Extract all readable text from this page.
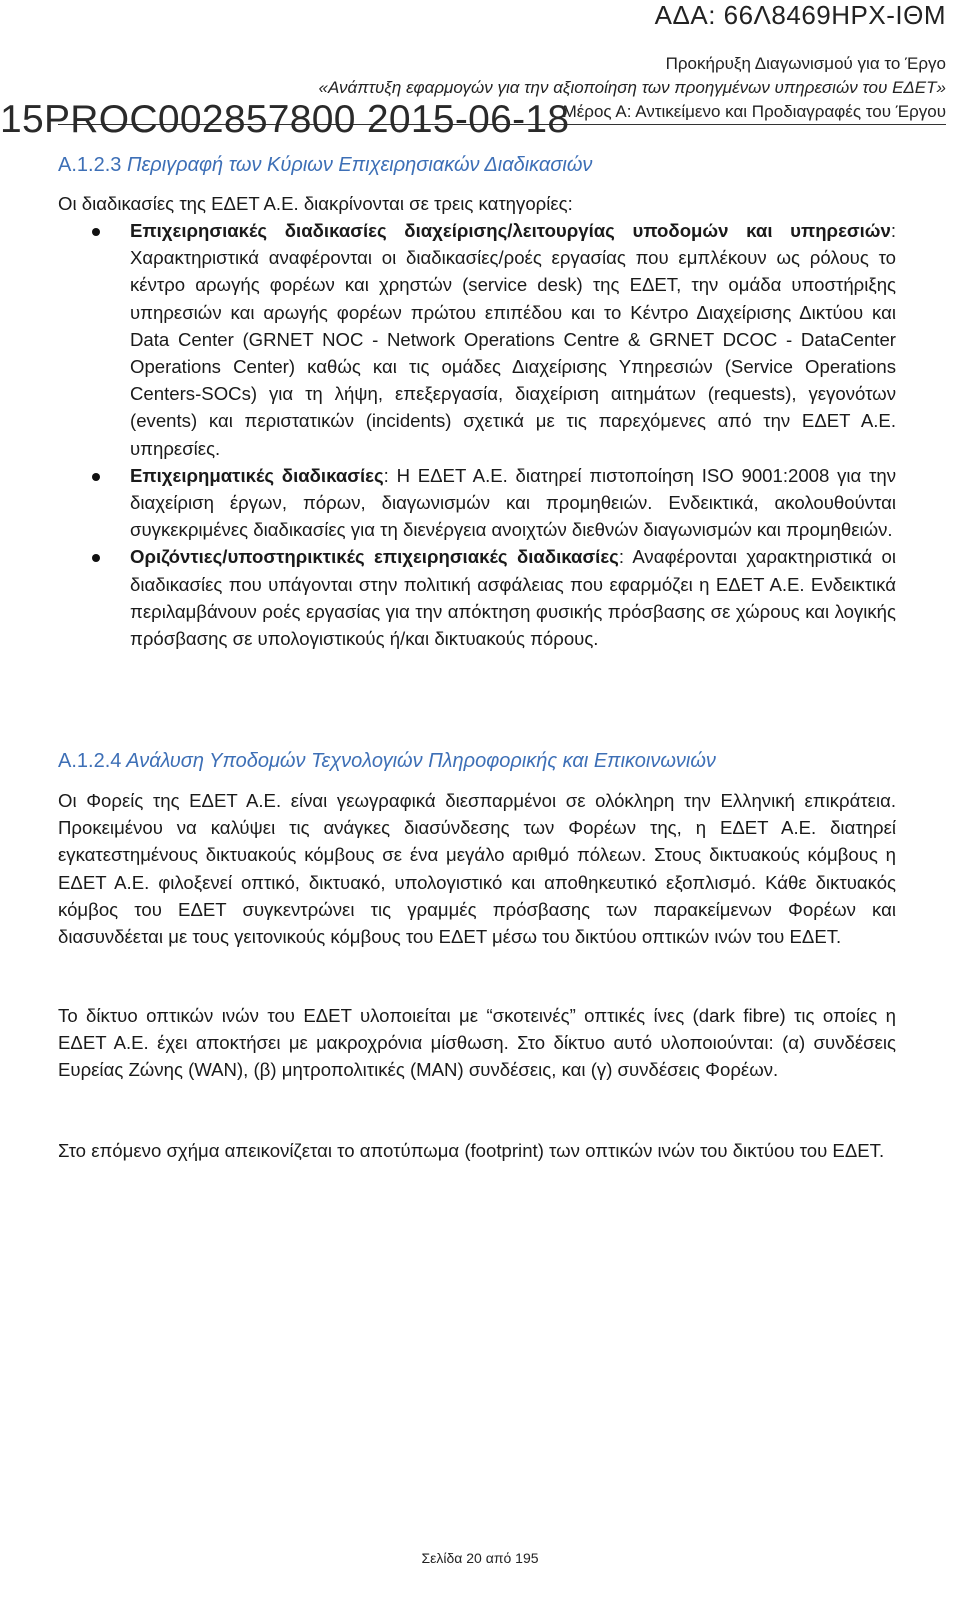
ΑΔΑ: 66Λ8469ΗΡΧ-ΙΘΜ
Προκήρυξη Διαγωνισμού για το Έργο
«Ανάπτυξη εφαρμογών για την αξιοποίηση των προηγμένων υπηρεσιών του ΕΔΕΤ»
Μέρος Α: Αντικείμενο και Προδιαγραφές του Έργου
15PROC002857800 2015-06-18
Α.1.2.3 Περιγραφή των Κύριων Επιχειρησιακών Διαδικασιών
Οι διαδικασίες της ΕΔΕΤ Α.Ε. διακρίνονται σε τρεις κατηγορίες:
Επιχειρησιακές διαδικασίες διαχείρισης/λειτουργίας υποδομών και υπηρεσιών: Χαρακτηριστικά αναφέρονται οι διαδικασίες/ροές εργασίας που εμπλέκουν ως ρόλους το κέντρο αρωγής φορέων και χρηστών (service desk) της ΕΔΕΤ, την ομάδα υποστήριξης υπηρεσιών και αρωγής φορέων πρώτου επιπέδου και το Κέντρο Διαχείρισης Δικτύου και Data Center (GRNET NOC - Network Operations Centre & GRNET DCOC - DataCenter Operations Center) καθώς και τις ομάδες Διαχείρισης Υπηρεσιών (Service Operations Centers-SOCs) για τη λήψη, επεξεργασία, διαχείριση αιτημάτων (requests), γεγονότων (events) και περιστατικών (incidents) σχετικά με τις παρεχόμενες από την ΕΔΕΤ Α.Ε. υπηρεσίες.
Επιχειρηματικές διαδικασίες: Η ΕΔΕΤ Α.Ε. διατηρεί πιστοποίηση ISO 9001:2008 για την διαχείριση έργων, πόρων, διαγωνισμών και προμηθειών. Ενδεικτικά, ακολουθούνται συγκεκριμένες διαδικασίες για τη διενέργεια ανοιχτών διεθνών διαγωνισμών και προμηθειών.
Οριζόντιες/υποστηρικτικές επιχειρησιακές διαδικασίες: Αναφέρονται χαρακτηριστικά οι διαδικασίες που υπάγονται στην πολιτική ασφάλειας που εφαρμόζει η ΕΔΕΤ Α.Ε. Ενδεικτικά περιλαμβάνουν ροές εργασίας για την απόκτηση φυσικής πρόσβασης σε χώρους και λογικής πρόσβασης σε υπολογιστικούς ή/και δικτυακούς πόρους.
Α.1.2.4 Ανάλυση Υποδομών Τεχνολογιών Πληροφορικής και Επικοινωνιών
Οι Φορείς της ΕΔΕΤ Α.Ε. είναι γεωγραφικά διεσπαρμένοι σε ολόκληρη την Ελληνική επικράτεια. Προκειμένου να καλύψει τις ανάγκες διασύνδεσης των Φορέων της, η ΕΔΕΤ Α.Ε. διατηρεί εγκατεστημένους δικτυακούς κόμβους σε ένα μεγάλο αριθμό πόλεων. Στους δικτυακούς κόμβους η ΕΔΕΤ Α.Ε. φιλοξενεί οπτικό, δικτυακό, υπολογιστικό και αποθηκευτικό εξοπλισμό. Κάθε δικτυακός κόμβος του ΕΔΕΤ συγκεντρώνει τις γραμμές πρόσβασης των παρακείμενων Φορέων και διασυνδέεται με τους γειτονικούς κόμβους του ΕΔΕΤ μέσω του δικτύου οπτικών ινών του ΕΔΕΤ.
Το δίκτυο οπτικών ινών του ΕΔΕΤ υλοποιείται με “σκοτεινές” οπτικές ίνες (dark fibre) τις οποίες η ΕΔΕΤ Α.Ε. έχει αποκτήσει με μακροχρόνια μίσθωση. Στο δίκτυο αυτό υλοποιούνται: (α) συνδέσεις Ευρείας Ζώνης (WAN), (β) μητροπολιτικές (MAN) συνδέσεις, και (γ) συνδέσεις Φορέων.
Στο επόμενο σχήμα απεικονίζεται το αποτύπωμα (footprint) των οπτικών ινών του δικτύου του ΕΔΕΤ.
Σελίδα 20 από 195
